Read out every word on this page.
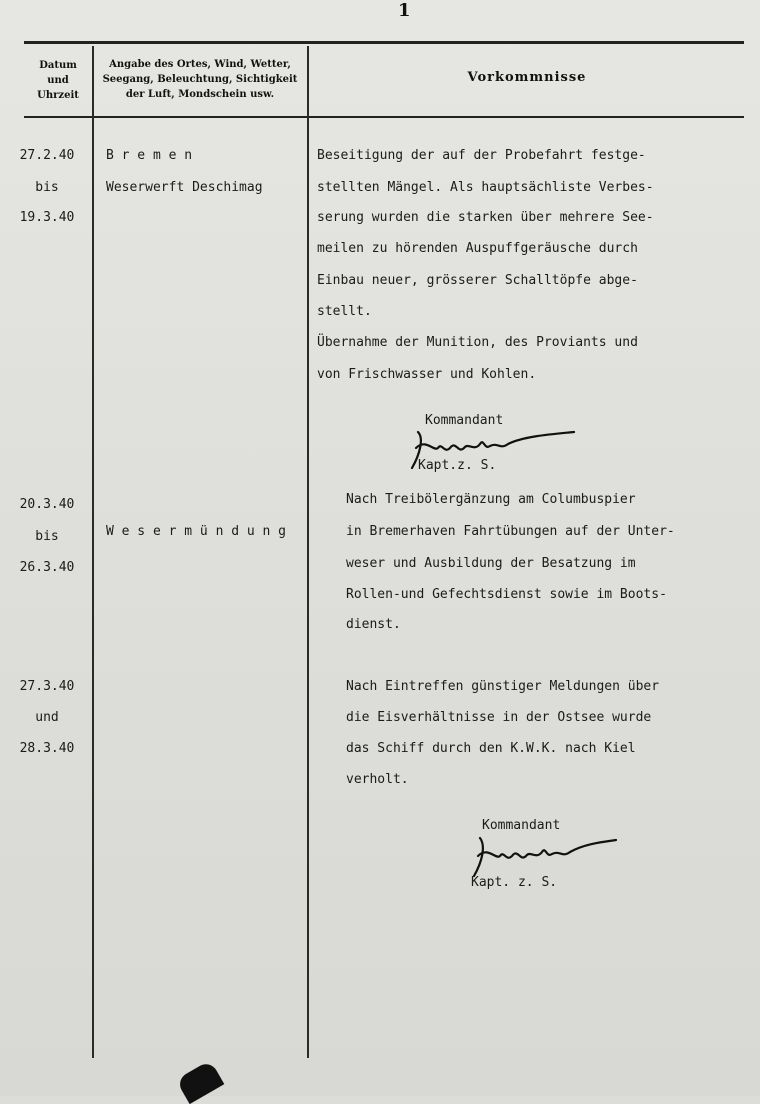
1
Datum
und
Uhrzeit
Angabe des Ortes, Wind, Wetter,
Seegang, Beleuchtung, Sichtigkeit
der Luft, Mondschein usw.
Vorkommnisse
27.2.40
bis
19.3.40
B r e m e n
Weserwerft Deschimag
Beseitigung der auf der Probefahrt festge-
stellten Mängel. Als hauptsächliste Verbes-
serung wurden die starken über mehrere See-
meilen zu hörenden Auspuffgeräusche durch
Einbau neuer, grösserer Schalltöpfe abge-
stellt.
Übernahme der Munition, des Proviants und
von Frischwasser und Kohlen.
Kommandant
Kapt.z. S.
20.3.40
bis
26.3.40
W e s e r m ü n d u n g
Nach Treibölergänzung am Columbuspier
in Bremerhaven Fahrtübungen auf der Unter-
weser und Ausbildung der Besatzung im
Rollen-und Gefechtsdienst sowie im Boots-
dienst.
27.3.40
und
28.3.40
Nach Eintreffen günstiger Meldungen über
die Eisverhältnisse in der Ostsee wurde
das Schiff durch den K.W.K. nach Kiel
verholt.
Kommandant
Kapt. z. S.
